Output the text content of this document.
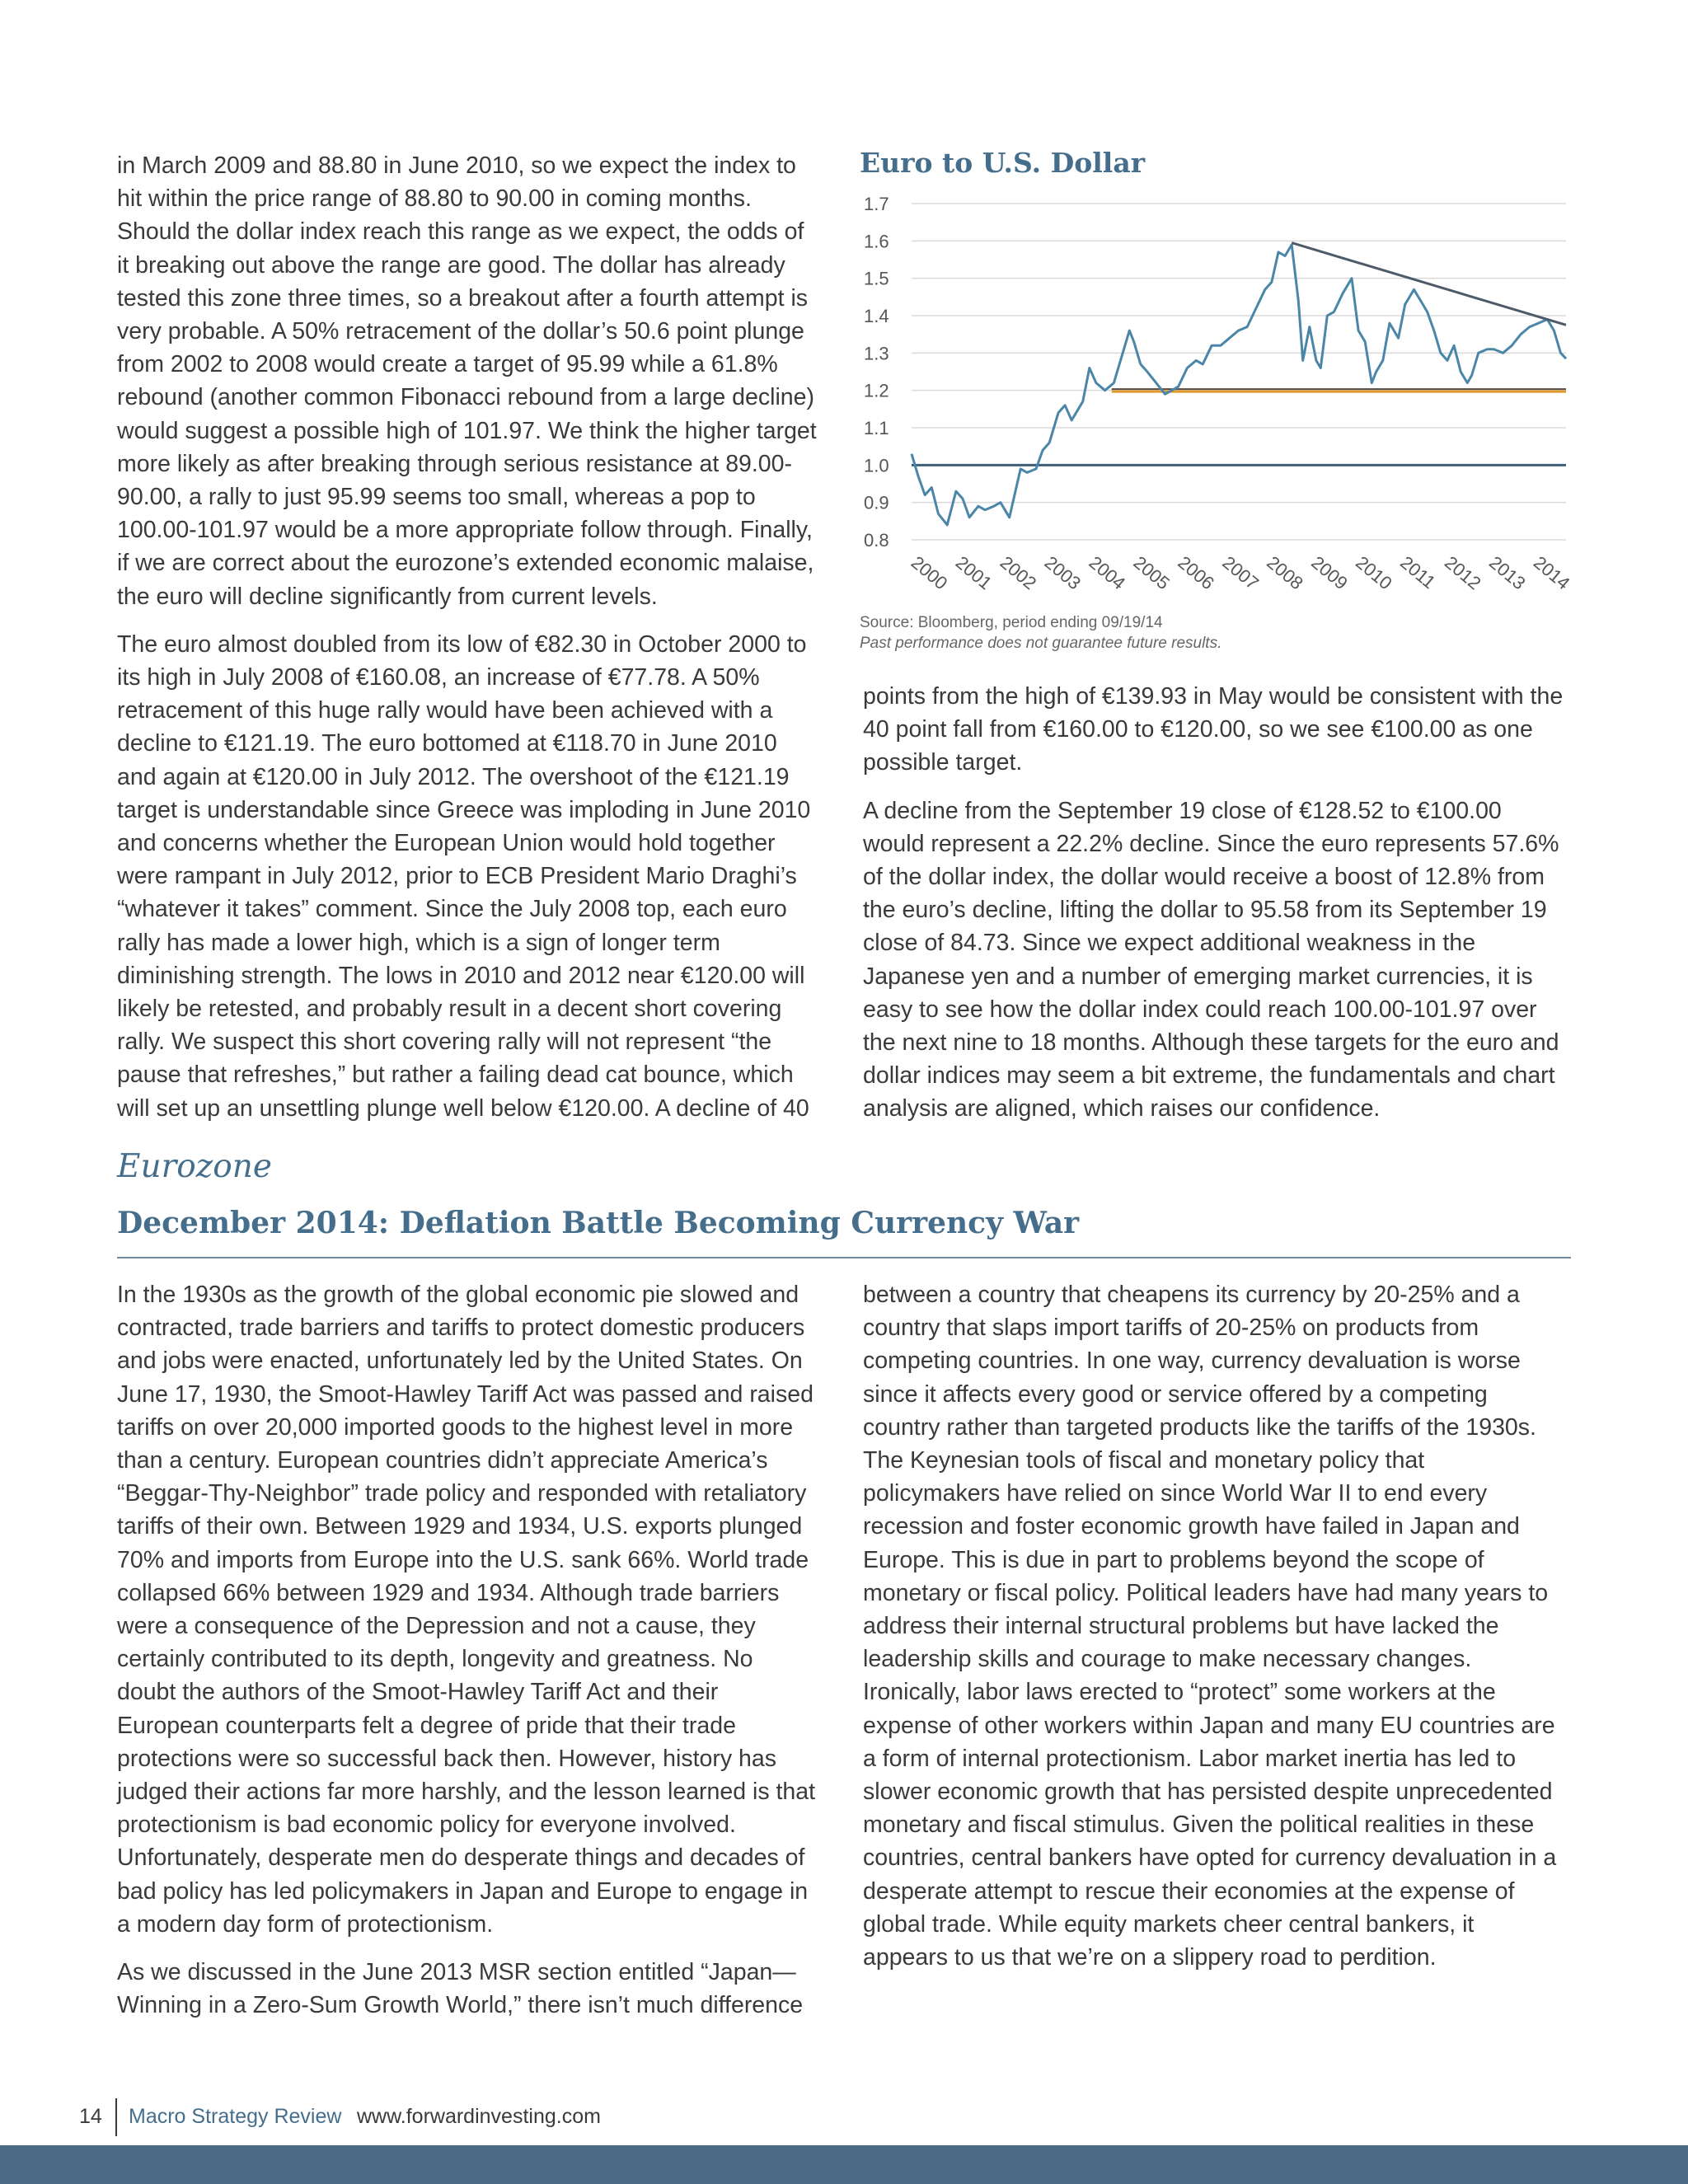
in March 2009 and 88.80 in June 2010, so we expect the index to hit within the price range of 88.80 to 90.00 in coming months. Should the dollar index reach this range as we expect, the odds of it breaking out above the range are good. The dollar has already tested this zone three times, so a breakout after a fourth attempt is very probable. A 50% retracement of the dollar’s 50.6 point plunge from 2002 to 2008 would create a target of 95.99 while a 61.8% rebound (another common Fibonacci rebound from a large decline) would suggest a possible high of 101.97. We think the higher target more likely as after breaking through serious resistance at 89.00-90.00, a rally to just 95.99 seems too small, whereas a pop to 100.00-101.97 would be a more appropriate follow through. Finally, if we are correct about the eurozone’s extended economic malaise, the euro will decline significantly from current levels.

The euro almost doubled from its low of €82.30 in October 2000 to its high in July 2008 of €160.08, an increase of €77.78. A 50% retracement of this huge rally would have been achieved with a decline to €121.19. The euro bottomed at €118.70 in June 2010 and again at €120.00 in July 2012. The overshoot of the €121.19 target is understandable since Greece was imploding in June 2010 and concerns whether the European Union would hold together were rampant in July 2012, prior to ECB President Mario Draghi’s “whatever it takes” comment. Since the July 2008 top, each euro rally has made a lower high, which is a sign of longer term diminishing strength. The lows in 2010 and 2012 near €120.00 will likely be retested, and probably result in a decent short covering rally. We suspect this short covering rally will not represent “the pause that refreshes,” but rather a failing dead cat bounce, which will set up an unsettling plunge well below €120.00. A decline of 40

Euro to U.S. Dollar
0.8
0.9
1.0
1.1
1.2
1.3
1.4
1.5
1.6
1.7
2000 2001 2002 2003 2004 2005 2006 2007 2008 2009 2010 2011 2012 2013 2014
Source: Bloomberg, period ending 09/19/14
Past performance does not guarantee future results.

points from the high of €139.93 in May would be consistent with the 40 point fall from €160.00 to €120.00, so we see €100.00 as one possible target.

A decline from the September 19 close of €128.52 to €100.00 would represent a 22.2% decline. Since the euro represents 57.6% of the dollar index, the dollar would receive a boost of 12.8% from the euro’s decline, lifting the dollar to 95.58 from its September 19 close of 84.73. Since we expect additional weakness in the Japanese yen and a number of emerging market currencies, it is easy to see how the dollar index could reach 100.00-101.97 over the next nine to 18 months. Although these targets for the euro and dollar indices may seem a bit extreme, the fundamentals and chart analysis are aligned, which raises our confidence.

Eurozone
December 2014: Deflation Battle Becoming Currency War

In the 1930s as the growth of the global economic pie slowed and contracted, trade barriers and tariffs to protect domestic producers and jobs were enacted, unfortunately led by the United States. On June 17, 1930, the Smoot-Hawley Tariff Act was passed and raised tariffs on over 20,000 imported goods to the highest level in more than a century. European countries didn’t appreciate America’s “Beggar-Thy-Neighbor” trade policy and responded with retaliatory tariffs of their own. Between 1929 and 1934, U.S. exports plunged 70% and imports from Europe into the U.S. sank 66%. World trade collapsed 66% between 1929 and 1934. Although trade barriers were a consequence of the Depression and not a cause, they certainly contributed to its depth, longevity and greatness. No doubt the authors of the Smoot-Hawley Tariff Act and their European counterparts felt a degree of pride that their trade protections were so successful back then. However, history has judged their actions far more harshly, and the lesson learned is that protectionism is bad economic policy for everyone involved. Unfortunately, desperate men do desperate things and decades of bad policy has led policymakers in Japan and Europe to engage in a modern day form of protectionism.

As we discussed in the June 2013 MSR section entitled “Japan—Winning in a Zero-Sum Growth World,” there isn’t much difference

between a country that cheapens its currency by 20-25% and a country that slaps import tariffs of 20-25% on products from competing countries. In one way, currency devaluation is worse since it affects every good or service offered by a competing country rather than targeted products like the tariffs of the 1930s. The Keynesian tools of fiscal and monetary policy that policymakers have relied on since World War II to end every recession and foster economic growth have failed in Japan and Europe. This is due in part to problems beyond the scope of monetary or fiscal policy. Political leaders have had many years to address their internal structural problems but have lacked the leadership skills and courage to make necessary changes. Ironically, labor laws erected to “protect” some workers at the expense of other workers within Japan and many EU countries are a form of internal protectionism. Labor market inertia has led to slower economic growth that has persisted despite unprecedented monetary and fiscal stimulus. Given the political realities in these countries, central bankers have opted for currency devaluation in a desperate attempt to rescue their economies at the expense of global trade. While equity markets cheer central bankers, it appears to us that we’re on a slippery road to perdition.

14 Macro Strategy Review www.forwardinvesting.com
